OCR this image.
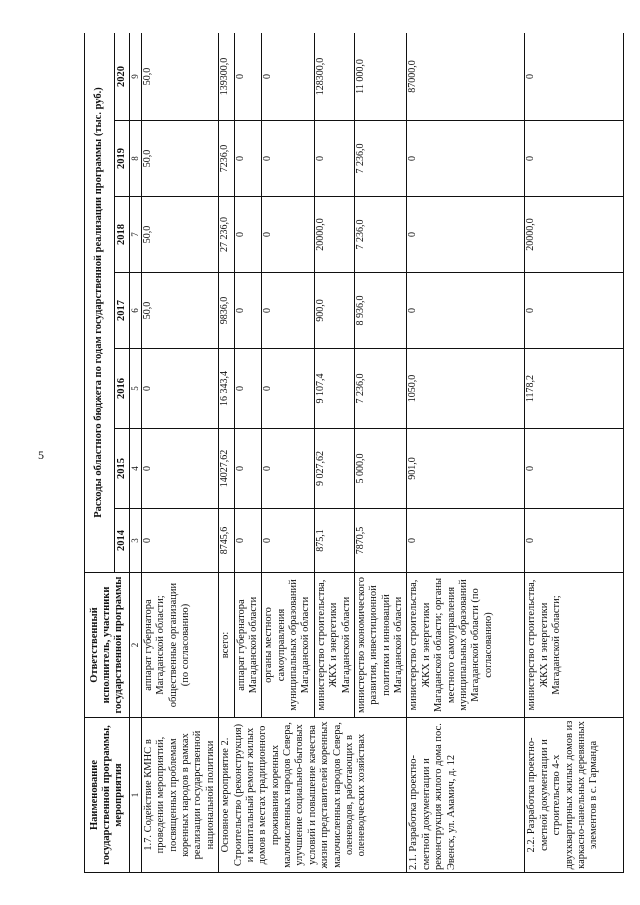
5
Наименование государственной программы, мероприятия	Ответственный исполнитель, участники государственной программы	Расходы областного бюджета по годам государственной реализации программы (тыс. руб.)						
		2014	2015	2016	2017	2018	2019	2020
1	2	3	4	5	6	7	8	9
1.7. Содействие КМНС в проведении мероприятий, посвященных проблемам коренных народов в рамках реализации государственной национальной политики	аппарат губернатора Магаданской области; общественные организации (по согласованию)	0	0	0	50,0	50,0	50,0	50,0
Основное мероприятие 2. Строительство (реконструкция) и капитальный ремонт жилых домов в местах традиционного проживания коренных малочисленных народов Севера, улучшение социально-бытовых условий и повышение качества жизни представителей коренных малочисленных народов Севера, оленеводов, работающих в оленеводческих хозяйствах	всего:	8745,6	14027,62	16 343,4	9836,0	27 236,0	7236,0	139300,0
	аппарат губернатора Магаданской области	0	0	0	0	0	0	0
	органы местного самоуправления муниципальных образований Магаданской области	0	0	0	0	0	0	0
	министерство строительства, ЖКХ и энергетики Магаданской области	875,1	9 027,62	9 107,4	900,0	20000,0	0	128300,0
	министерство экономического развития, инвестиционной политики и инноваций Магаданской области	7870,5	5 000,0	7 236,0	8 936,0	7 236,0	7 236,0	11 000,0
2.1. Разработка проектно-сметной документации и реконструкция жилого дома пос. Эвенск, ул. Амамич, д. 12	министерство строительства, ЖКХ и энергетики Магаданской области; органы местного самоуправления муниципальных образований Магаданской области (по согласованию)	0	901,0	1050,0	0	0	0	87000,0
2.2. Разработка проектно-сметной документации и строительство 4-х двухквартирных жилых домов из каркасно-панельных деревянных элементов в с. Гарманда	министерство строительства, ЖКХ и энергетики Магаданской области;	0	0	1178,2	0	20000,0	0	0
